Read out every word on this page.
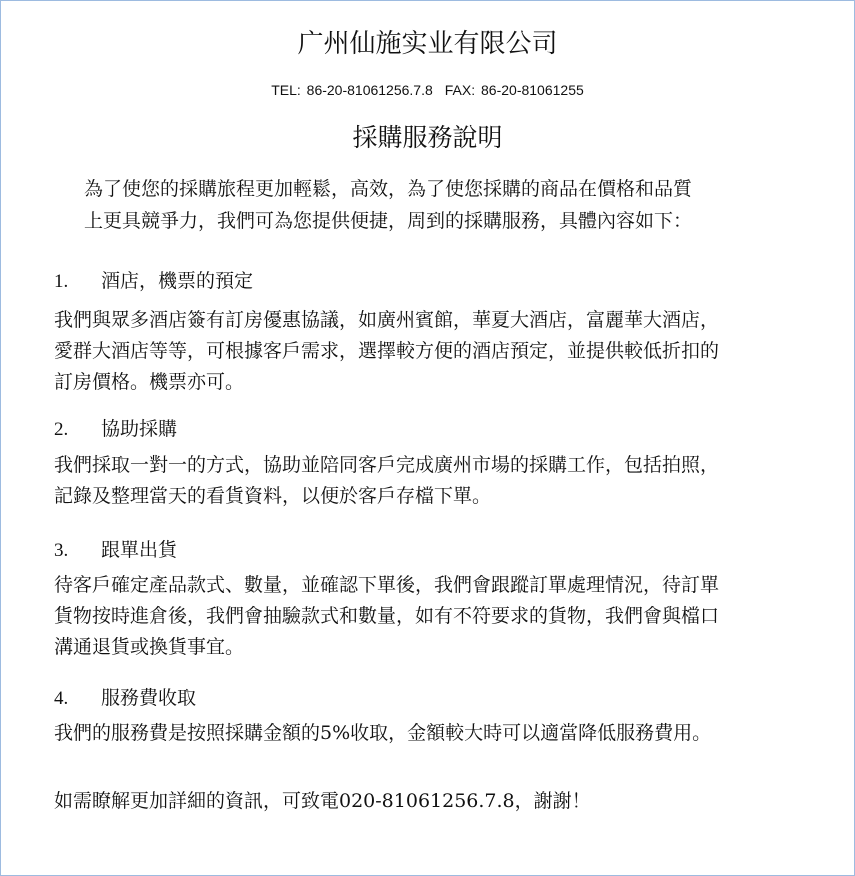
广州仙施实业有限公司
TEL: 86-20-81061256.7.8 FAX: 86-20-81061255
採購服務說明
為了使您的採購旅程更加輕鬆，高效，為了使您採購的商品在價格和品質
上更具競爭力，我們可為您提供便捷，周到的採購服務，具體內容如下：
1. 酒店，機票的預定
我們與眾多酒店簽有訂房優惠協議，如廣州賓館，華夏大酒店，富麗華大酒店，
愛群大酒店等等，可根據客戶需求，選擇較方便的酒店預定，並提供較低折扣的
訂房價格。機票亦可。
2. 協助採購
我們採取一對一的方式，協助並陪同客戶完成廣州市場的採購工作，包括拍照，
記錄及整理當天的看貨資料，以便於客戶存檔下單。
3. 跟單出貨
待客戶確定產品款式、數量，並確認下單後，我們會跟蹤訂單處理情況，待訂單
貨物按時進倉後，我們會抽驗款式和數量，如有不符要求的貨物，我們會與檔口
溝通退貨或換貨事宜。
4. 服務費收取
我們的服務費是按照採購金額的5%收取，金額較大時可以適當降低服務費用。
如需瞭解更加詳細的資訊，可致電020-81061256.7.8，謝謝！
